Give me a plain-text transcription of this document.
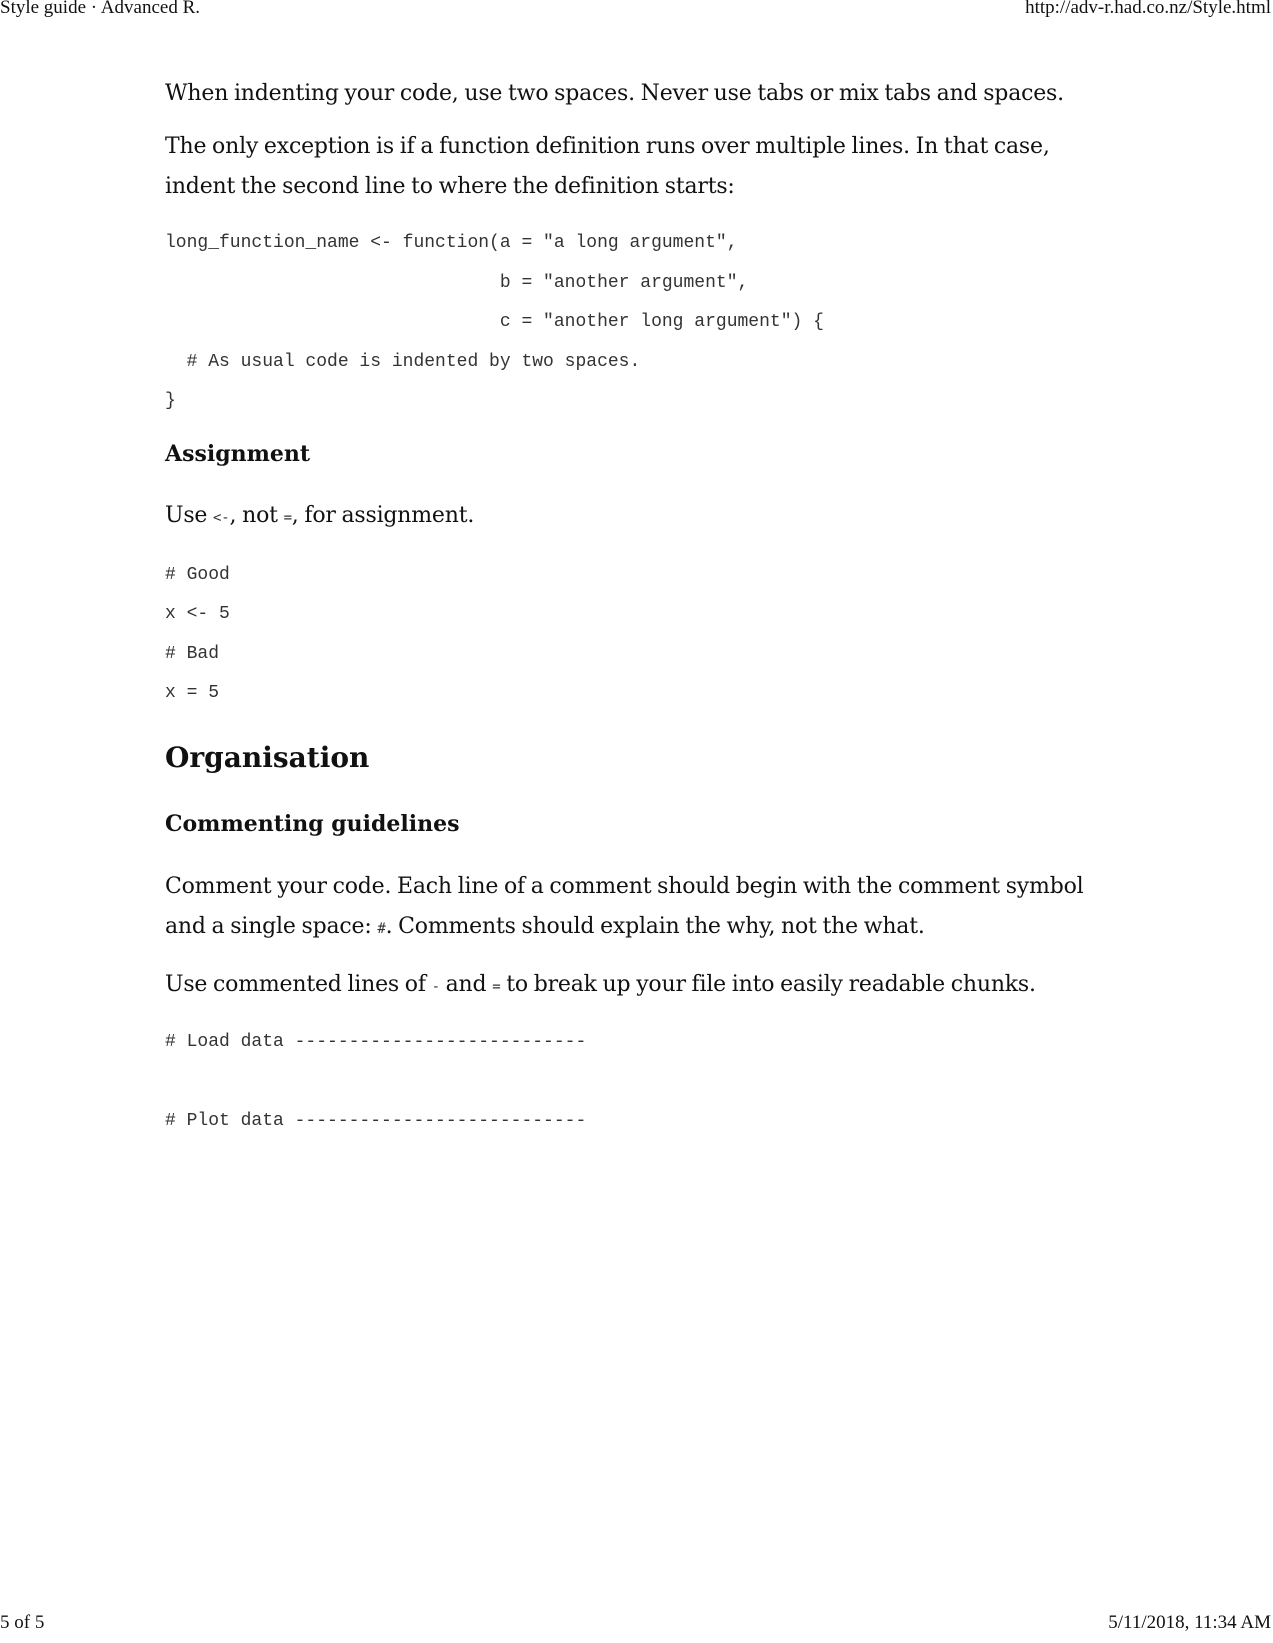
Style guide · Advanced R.	http://adv-r.had.co.nz/Style.html

When indenting your code, use two spaces. Never use tabs or mix tabs and spaces.

The only exception is if a function definition runs over multiple lines. In that case, indent the second line to where the definition starts:

long_function_name <- function(a = "a long argument",
b = "another argument",
c = "another long argument") {
# As usual code is indented by two spaces.
}
Assignment

Use <-, not =, for assignment.

# Good
x <- 5
# Bad
x = 5
Organisation
Commenting guidelines

Comment your code. Each line of a comment should begin with the comment symbol and a single space: #. Comments should explain the why, not the what.

Use commented lines of - and = to break up your file into easily readable chunks.

# Load data ---------------------------
# Plot data ---------------------------
5 of 5	5/11/2018, 11:34 AM
